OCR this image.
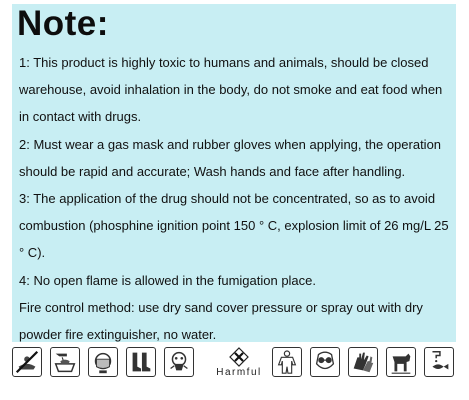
Note:

1: This product is highly toxic to humans and animals, should be closed warehouse, avoid inhalation in the body, do not smoke and eat food when in contact with drugs.

2: Must wear a gas mask and rubber gloves when applying, the operation should be rapid and accurate; Wash hands and face after handling.

3: The application of the drug should not be concentrated, so as to avoid combustion (phosphine ignition point 150 ° C, explosion limit of 26 mg/L 25 ° C).

4: No open flame is allowed in the fumigation place.

Fire control method: use dry sand cover pressure or spray out with dry powder fire extinguisher, no water.

Harmful
